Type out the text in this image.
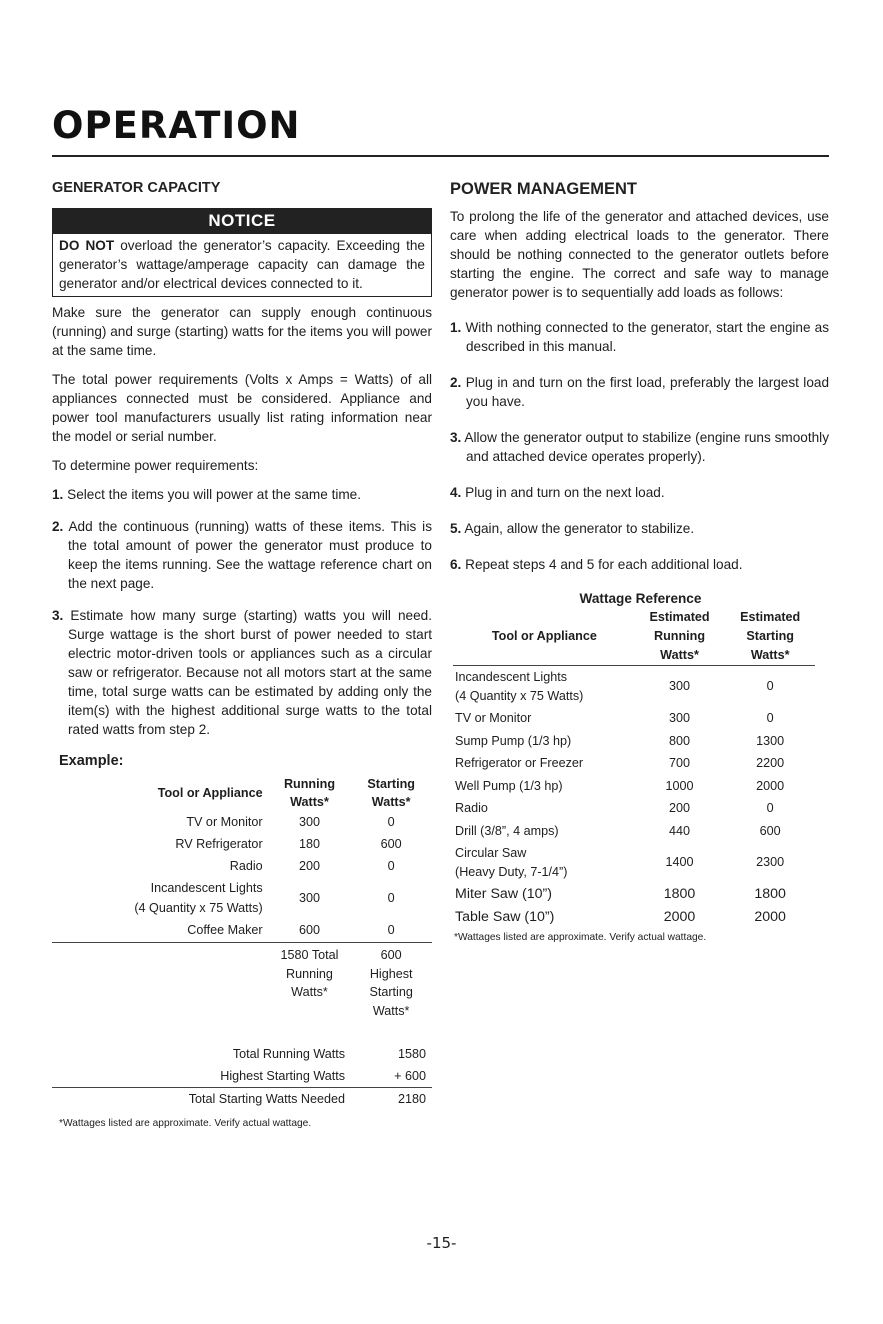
OPERATION
GENERATOR CAPACITY
NOTICE
DO NOT overload the generator’s capacity. Exceeding the generator’s wattage/amperage capacity can damage the generator and/or electrical devices connected to it.

Make sure the generator can supply enough continuous (running) and surge (starting) watts for the items you will power at the same time.

The total power requirements (Volts x Amps = Watts) of all appliances connected must be considered. Appliance and power tool manufacturers usually list rating information near the model or serial number.

To determine power requirements:

1. Select the items you will power at the same time.
2. Add the continuous (running) watts of these items. This is the total amount of power the generator must produce to keep the items running. See the wattage reference chart on the next page.
3. Estimate how many surge (starting) watts you will need. Surge wattage is the short burst of power needed to start electric motor-driven tools or appliances such as a circular saw or refrigerator. Because not all motors start at the same time, total surge watts can be estimated by adding only the item(s) with the highest additional surge watts to the total rated watts from step 2.
Example:
Tool or Appliance	Running Watts*	Starting Watts*
TV or Monitor	300	0
RV Refrigerator	180	600
Radio	200	0
Incandescent Lights
(4 Quantity x 75 Watts)	300	0
Coffee Maker	600	0
	1580 Total
Running
Watts*	600
Highest
Starting
Watts*
Total Running Watts	1580
Highest Starting Watts	+ 600
Total Starting Watts Needed	2180
*Wattages listed are approximate. Verify actual wattage.
POWER MANAGEMENT

To prolong the life of the generator and attached devices, use care when adding electrical loads to the generator. There should be nothing connected to the generator outlets before starting the engine. The correct and safe way to manage generator power is to sequentially add loads as follows:

1. With nothing connected to the generator, start the engine as described in this manual.
2. Plug in and turn on the first load, preferably the largest load you have.
3. Allow the generator output to stabilize (engine runs smoothly and attached device operates properly).
4. Plug in and turn on the next load.
5. Again, allow the generator to stabilize.
6. Repeat steps 4 and 5 for each additional load.
Wattage Reference
Tool or Appliance	Estimated
Running
Watts*	Estimated
Starting
Watts*
Incandescent Lights
(4 Quantity x 75 Watts)	300	0
TV or Monitor	300	0
Sump Pump (1/3 hp)	800	1300
Refrigerator or Freezer	700	2200
Well Pump (1/3 hp)	1000	2000
Radio	200	0
Drill (3/8”, 4 amps)	440	600
Circular Saw
(Heavy Duty, 7-1/4”)	1400	2300
Miter Saw (10”)	1800	1800
Table Saw (10”)	2000	2000
*Wattages listed are approximate. Verify actual wattage.
-15-
